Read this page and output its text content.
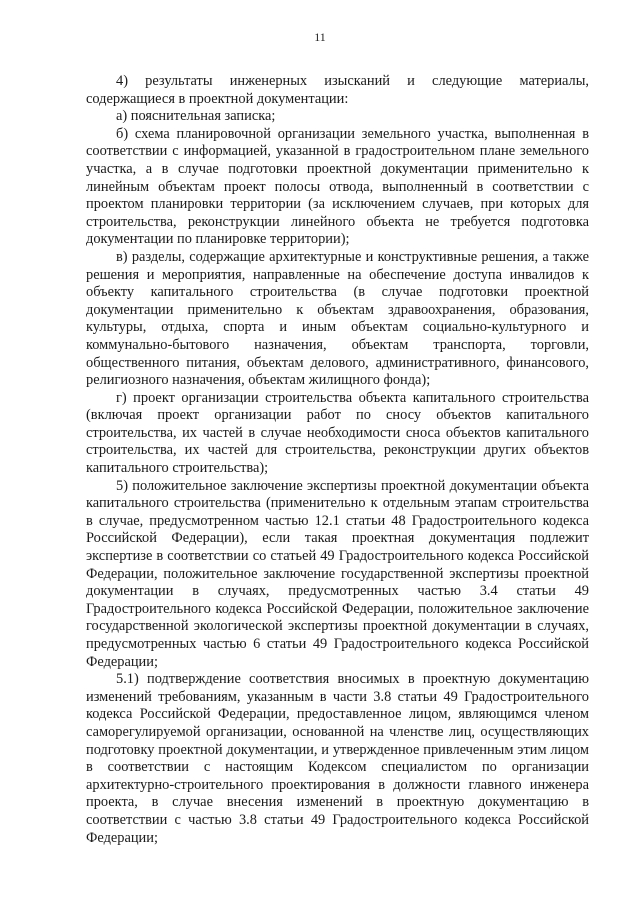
11

4) результаты инженерных изысканий и следующие материалы, содержащиеся в проектной документации:

а) пояснительная записка;

б) схема планировочной организации земельного участка, выполненная в соответствии с информацией, указанной в градостроительном плане земельного участка, а в случае подготовки проектной документации применительно к линейным объектам проект полосы отвода, выполненный в соответствии с проектом планировки территории (за исключением случаев, при которых для строительства, реконструкции линейного объекта не требуется подготовка документации по планировке территории);

в) разделы, содержащие архитектурные и конструктивные решения, а также решения и мероприятия, направленные на обеспечение доступа инвалидов к объекту капитального строительства (в случае подготовки проектной документации применительно к объектам здравоохранения, образования, культуры, отдыха, спорта и иным объектам социально-культурного и коммунально-бытового назначения, объектам транспорта, торговли, общественного питания, объектам делового, административного, финансового, религиозного назначения, объектам жилищного фонда);

г) проект организации строительства объекта капитального строительства (включая проект организации работ по сносу объектов капитального строительства, их частей в случае необходимости сноса объектов капитального строительства, их частей для строительства, реконструкции других объектов капитального строительства);

5) положительное заключение экспертизы проектной документации объекта капитального строительства (применительно к отдельным этапам строительства в случае, предусмотренном частью 12.1 статьи 48 Градостроительного кодекса Российской Федерации), если такая проектная документация подлежит экспертизе в соответствии со статьей 49 Градостроительного кодекса Российской Федерации, положительное заключение государственной экспертизы проектной документации в случаях, предусмотренных частью 3.4 статьи 49 Градостроительного кодекса Российской Федерации, положительное заключение государственной экологической экспертизы проектной документации в случаях, предусмотренных частью 6 статьи 49 Градостроительного кодекса Российской Федерации;

5.1) подтверждение соответствия вносимых в проектную документацию изменений требованиям, указанным в части 3.8 статьи 49 Градостроительного кодекса Российской Федерации, предоставленное лицом, являющимся членом саморегулируемой организации, основанной на членстве лиц, осуществляющих подготовку проектной документации, и утвержденное привлеченным этим лицом в соответствии с настоящим Кодексом специалистом по организации архитектурно-строительного проектирования в должности главного инженера проекта, в случае внесения изменений в проектную документацию в соответствии с частью 3.8 статьи 49 Градостроительного кодекса Российской Федерации;
